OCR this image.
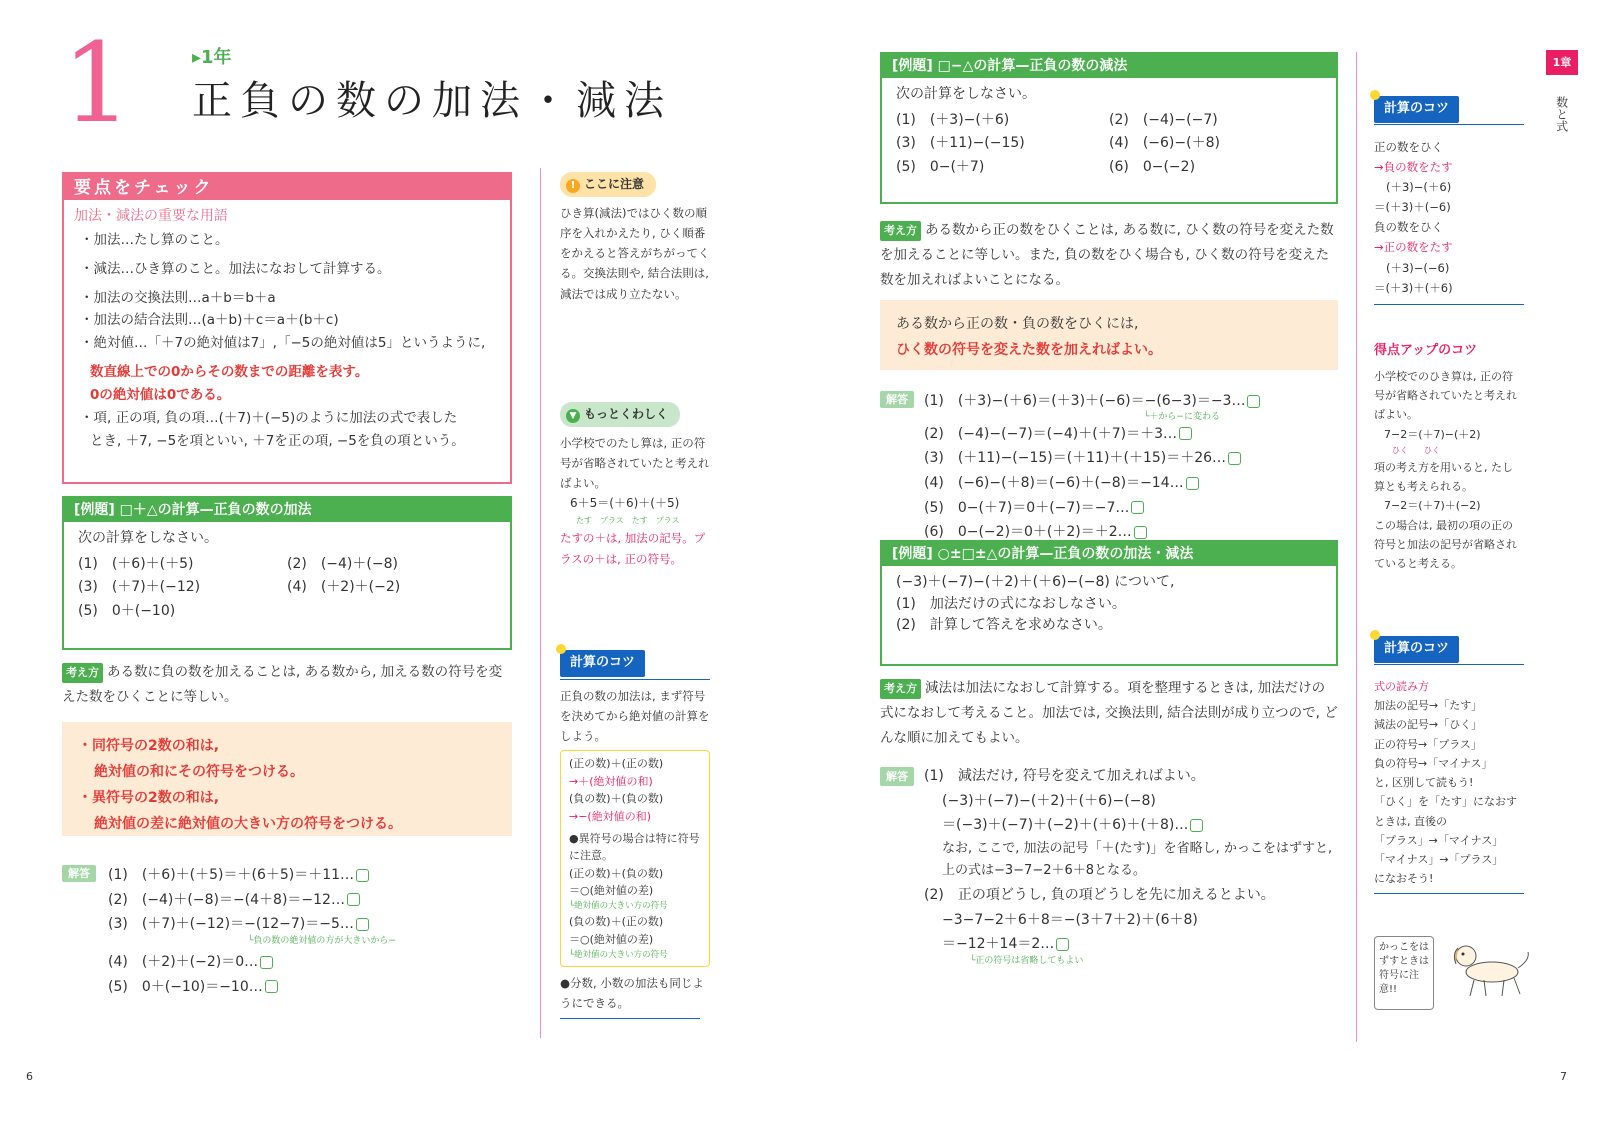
1	▸1年
正負の数の加法・減法
要点をチェック
加法・減法の重要な用語
・加法…たし算のこと。
・減法…ひき算のこと。加法になおして計算する。
・加法の交換法則…a＋b＝b＋a
・加法の結合法則…(a＋b)＋c＝a＋(b＋c)
・絶対値…「＋7の絶対値は7」,「−5の絶対値は5」というように,
数直線上での0からその数までの距離を表す。
0の絶対値は0である。
・項, 正の項, 負の項…(＋7)＋(−5)のように加法の式で表した
とき, ＋7, −5を項といい, ＋7を正の項, −5を負の項という。
[例題] □＋△の計算—正負の数の加法
次の計算をしなさい。
(1)　(＋6)＋(＋5)	(2)　(−4)＋(−8)
(3)　(＋7)＋(−12)	(4)　(＋2)＋(−2)
(5)　0＋(−10)
考え方 ある数に負の数を加えることは, ある数から, 加える数の符号を変えた数をひくことに等しい。
・同符号の2数の和は,
絶対値の和にその符号をつける。
・異符号の2数の和は,
絶対値の差に絶対値の大きい方の符号をつける。
解答	(1)　(＋6)＋(＋5)＝＋(6＋5)＝＋11…
(2)　(−4)＋(−8)＝−(4＋8)＝−12…
(3)　(＋7)＋(−12)＝−(12−7)＝−5…
└負の数の絶対値の方が大きいから−
(4)　(＋2)＋(−2)＝0…
(5)　0＋(−10)＝−10…
! ここに注意
ひき算(減法)ではひく数の順序を入れかえたり, ひく順番をかえると答えがちがってくる。交換法則や, 結合法則は, 減法では成り立たない。
▼ もっとくわしく
小学校でのたし算は, 正の符号が省略されていたと考えればよい。
6＋5＝(＋6)＋(＋5)
たす　プラス　たす　プラス
たすの＋は, 加法の記号。プラスの＋は, 正の符号。
計算のコツ
正負の数の加法は, まず符号を決めてから絶対値の計算をしよう。
(正の数)＋(正の数)
→＋(絶対値の和)
(負の数)＋(負の数)
→−(絶対値の和)
●異符号の場合は特に符号に注意。
(正の数)＋(負の数)
＝○(絶対値の差)
└絶対値の大きい方の符号
(負の数)＋(正の数)
＝○(絶対値の差)
└絶対値の大きい方の符号
●分数, 小数の加法も同じようにできる。
[例題] □−△の計算—正負の数の減法
次の計算をしなさい。
(1)　(＋3)−(＋6)	(2)　(−4)−(−7)
(3)　(＋11)−(−15)	(4)　(−6)−(＋8)
(5)　0−(＋7)	(6)　0−(−2)
考え方 ある数から正の数をひくことは, ある数に, ひく数の符号を変えた数を加えることに等しい。また, 負の数をひく場合も, ひく数の符号を変えた数を加えればよいことになる。
ある数から正の数・負の数をひくには,
ひく数の符号を変えた数を加えればよい。
解答	(1)　(＋3)−(＋6)＝(＋3)＋(−6)＝−(6−3)＝−3…
└＋から−に変わる
(2)　(−4)−(−7)＝(−4)＋(＋7)＝＋3…
(3)　(＋11)−(−15)＝(＋11)＋(＋15)＝＋26…
(4)　(−6)−(＋8)＝(−6)＋(−8)＝−14…
(5)　0−(＋7)＝0＋(−7)＝−7…
(6)　0−(−2)＝0＋(＋2)＝＋2…
[例題] ○±□±△の計算—正負の数の加法・減法
(−3)＋(−7)−(＋2)＋(＋6)−(−8) について,
(1)　加法だけの式になおしなさい。
(2)　計算して答えを求めなさい。
考え方 減法は加法になおして計算する。項を整理するときは, 加法だけの式になおして考えること。加法では, 交換法則, 結合法則が成り立つので, どんな順に加えてもよい。
解答	(1)　減法だけ, 符号を変えて加えればよい。
(−3)＋(−7)−(＋2)＋(＋6)−(−8)
＝(−3)＋(−7)＋(−2)＋(＋6)＋(＋8)…
なお, ここで, 加法の記号「＋(たす)」を省略し, かっこをはずすと, 上の式は−3−7−2＋6＋8となる。
(2)　正の項どうし, 負の項どうしを先に加えるとよい。
−3−7−2＋6＋8＝−(3＋7＋2)＋(6＋8)
＝−12＋14＝2…
└正の符号は省略してもよい
計算のコツ
正の数をひく
→負の数をたす
(＋3)−(＋6)
＝(＋3)＋(−6)
負の数をひく
→正の数をたす
(＋3)−(−6)
＝(＋3)＋(＋6)
得点アップのコツ
小学校でのひき算は, 正の符号が省略されていたと考えればよい。
7−2＝(＋7)−(＋2)
ひく　　ひく
項の考え方を用いると, たし算とも考えられる。
7−2＝(＋7)＋(−2)
この場合は, 最初の項の正の符号と加法の記号が省略されていると考える。
計算のコツ
式の読み方
加法の記号→「たす」
減法の記号→「ひく」
正の符号→「プラス」
負の符号→「マイナス」
と, 区別して読もう!
「ひく」を「たす」になおすときは, 直後の
「プラス」→「マイナス」
「マイナス」→「プラス」
になおそう!
かっこをはずすときは符号に注意!!
1章
数と式
6	7
